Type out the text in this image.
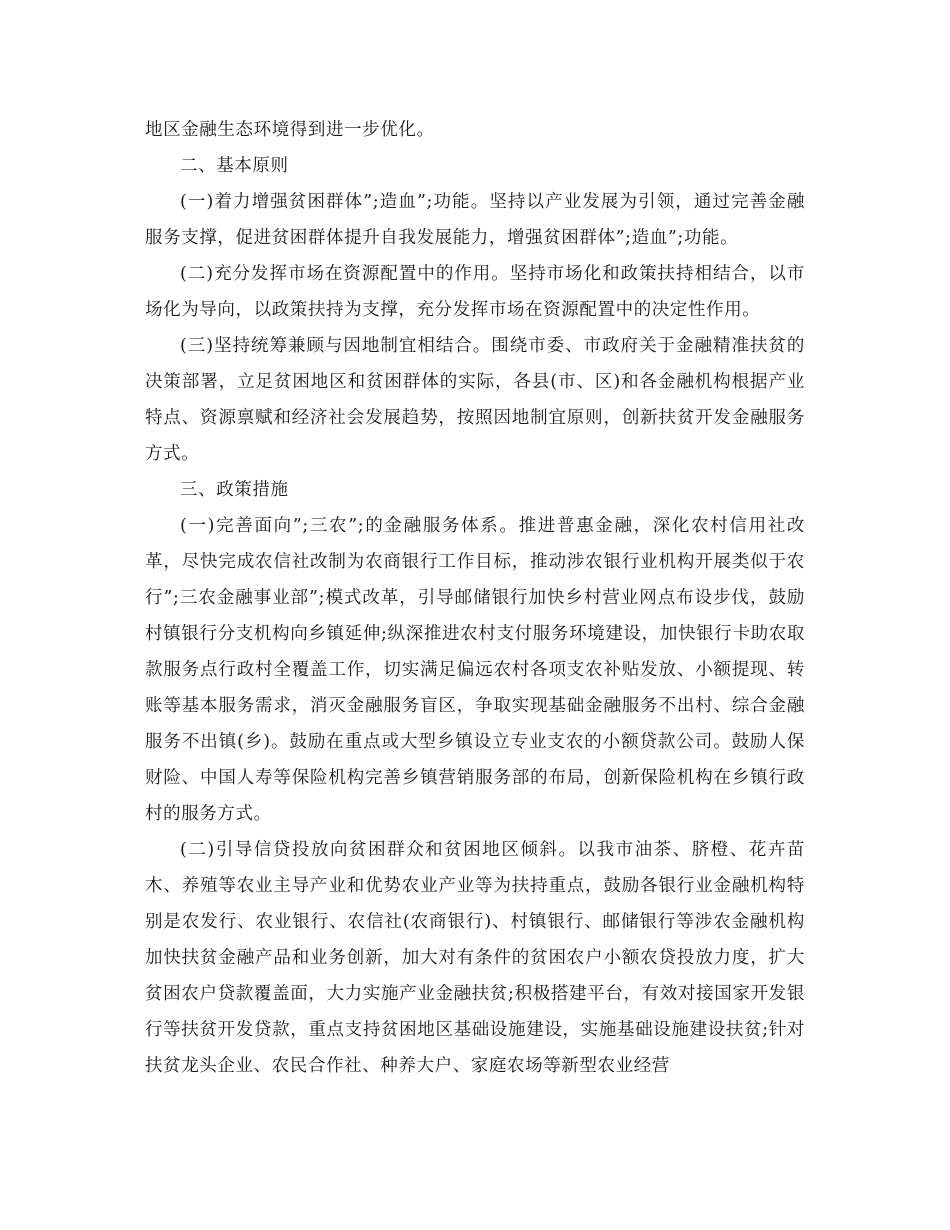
地区金融生态环境得到进一步优化。

二、基本原则

(一)着力增强贫困群体”;造血”;功能。坚持以产业发展为引领，通过完善金融服务支撑，促进贫困群体提升自我发展能力，增强贫困群体”;造血”;功能。

(二)充分发挥市场在资源配置中的作用。坚持市场化和政策扶持相结合，以市场化为导向，以政策扶持为支撑，充分发挥市场在资源配置中的决定性作用。

(三)坚持统筹兼顾与因地制宜相结合。围绕市委、市政府关于金融精准扶贫的决策部署，立足贫困地区和贫困群体的实际，各县(市、区)和各金融机构根据产业特点、资源禀赋和经济社会发展趋势，按照因地制宜原则，创新扶贫开发金融服务方式。

三、政策措施

(一)完善面向”;三农”;的金融服务体系。推进普惠金融，深化农村信用社改革，尽快完成农信社改制为农商银行工作目标，推动涉农银行业机构开展类似于农行”;三农金融事业部”;模式改革，引导邮储银行加快乡村营业网点布设步伐，鼓励村镇银行分支机构向乡镇延伸;纵深推进农村支付服务环境建设，加快银行卡助农取款服务点行政村全覆盖工作，切实满足偏远农村各项支农补贴发放、小额提现、转账等基本服务需求，消灭金融服务盲区，争取实现基础金融服务不出村、综合金融服务不出镇(乡)。鼓励在重点或大型乡镇设立专业支农的小额贷款公司。鼓励人保财险、中国人寿等保险机构完善乡镇营销服务部的布局，创新保险机构在乡镇行政村的服务方式。

(二)引导信贷投放向贫困群众和贫困地区倾斜。以我市油茶、脐橙、花卉苗木、养殖等农业主导产业和优势农业产业等为扶持重点，鼓励各银行业金融机构特别是农发行、农业银行、农信社(农商银行)、村镇银行、邮储银行等涉农金融机构加快扶贫金融产品和业务创新，加大对有条件的贫困农户小额农贷投放力度，扩大贫困农户贷款覆盖面，大力实施产业金融扶贫;积极搭建平台，有效对接国家开发银行等扶贫开发贷款，重点支持贫困地区基础设施建设，实施基础设施建设扶贫;针对扶贫龙头企业、农民合作社、种养大户、家庭农场等新型农业经营
